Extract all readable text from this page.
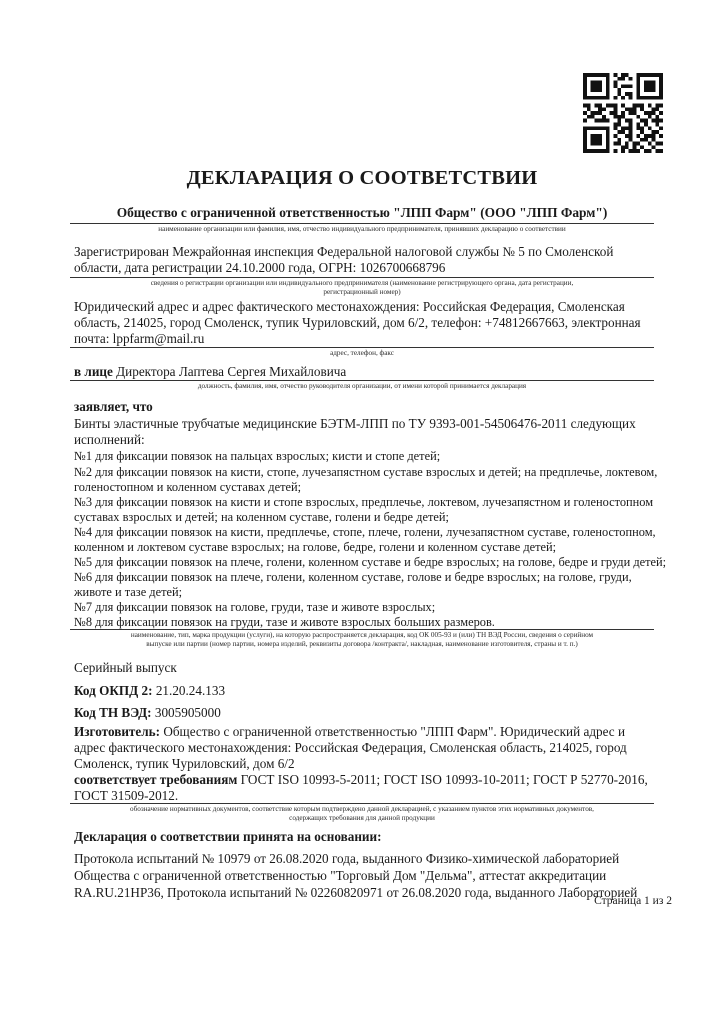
ДЕКЛАРАЦИЯ О СООТВЕТСТВИИ
Общество с ограниченной ответственностью "ЛПП Фарм" (ООО "ЛПП Фарм")
наименование организации или фамилия, имя, отчество индивидуального предпринимателя, принявших декларацию о соответствии
Зарегистрирован Межрайонная инспекция Федеральной налоговой службы № 5 по Смоленской
области, дата регистрации 24.10.2000 года, ОГРН: 1026700668796
сведения о регистрации организации или индивидуального предпринимателя (наименование регистрирующего органа, дата регистрации,
регистрационный номер)
Юридический адрес и адрес фактического местонахождения: Российская Федерация, Смоленская
область, 214025, город Смоленск, тупик Чуриловский, дом 6/2, телефон: +74812667663, электронная
почта: lppfarm@mail.ru
адрес, телефон, факс
в лице Директора Лаптева Сергея Михайловича
должность, фамилия, имя, отчество руководителя организации, от имени которой принимается декларация
заявляет, что
Бинты эластичные трубчатые медицинские БЭТМ-ЛПП по ТУ 9393-001-54506476-2011 следующих
исполнений:
№1 для фиксации повязок на пальцах взрослых; кисти и стопе детей;
№2 для фиксации повязок на кисти, стопе, лучезапястном суставе взрослых и детей; на предплечье, локтевом,
голеностопном и коленном суставах детей;
№3 для фиксации повязок на кисти и стопе взрослых, предплечье, локтевом, лучезапястном и голеностопном
суставах взрослых и детей; на коленном суставе, голени и бедре детей;
№4 для фиксации повязок на кисти, предплечье, стопе, плече, голени, лучезапястном суставе, голеностопном,
коленном и локтевом суставе взрослых; на голове, бедре, голени и коленном суставе детей;
№5 для фиксации повязок на плече, голени, коленном суставе и бедре взрослых; на голове, бедре и груди детей;
№6 для фиксации повязок на плече, голени, коленном суставе, голове и бедре взрослых; на голове, груди,
животе и тазе детей;
№7 для фиксации повязок на голове, груди, тазе и животе взрослых;
№8 для фиксации повязок на груди, тазе и животе взрослых больших размеров.
наименование, тип, марка продукции (услуги), на которую распространяется декларация, код ОК 005-93 и (или) ТН ВЭД России, сведения о серийном
выпуске или партии (номер партии, номера изделий, реквизиты договора /контракта/, накладная, наименование изготовителя, страны и т. п.)
Серийный выпуск
Код ОКПД 2: 21.20.24.133
Код ТН ВЭД: 3005905000
Изготовитель: Общество с ограниченной ответственностью "ЛПП Фарм". Юридический адрес и
адрес фактического местонахождения: Российская Федерация, Смоленская область, 214025, город
Смоленск, тупик Чуриловский, дом 6/2
соответствует требованиям ГОСТ ISO 10993-5-2011; ГОСТ ISO 10993-10-2011; ГОСТ Р 52770-2016,
ГОСТ 31509-2012.
обозначение нормативных документов, соответствие которым подтверждено данной декларацией, с указанием пунктов этих нормативных документов,
содержащих требования для данной продукции
Декларация о соответствии принята на основании:
Протокола испытаний № 10979 от 26.08.2020 года, выданного Физико-химической лабораторией
Общества с ограниченной ответственностью "Торговый Дом "Дельма", аттестат аккредитации
RA.RU.21НР36, Протокола испытаний № 02260820971 от 26.08.2020 года, выданного Лабораторией
Страница 1 из 2
